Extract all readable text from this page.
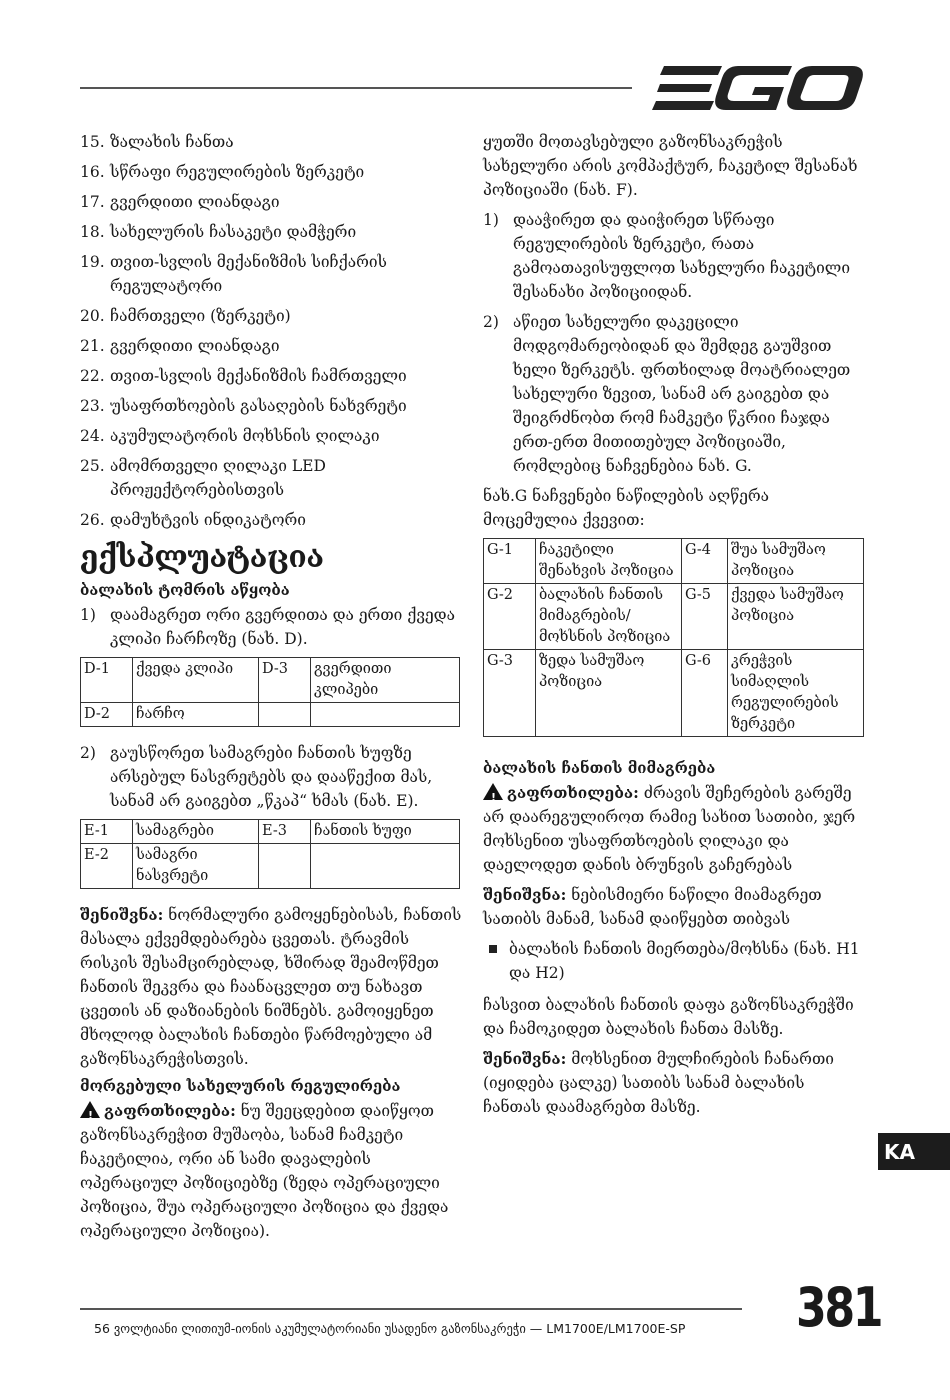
15. ზალახის ჩანთა
16. სწრაფი რეგულირების ზერკეტი
17. გვერდითი ლიანდაგი
18. სახელურის ჩასაკეტი დამჭერი
19. თვით-სვლის მექანიზმის სიჩქარის რეგულატორი
20. ჩამრთველი (ზერკეტი)
21. გვერდითი ლიანდაგი
22. თვით-სვლის მექანიზმის ჩამრთველი
23. უსაფრთხოების გასაღების ნახვრეტი
24. აკუმულატორის მოხსნის ღილაკი
25. ამომრთველი ღილაკი LED პროჟექტორებისთვის
26. დამუხტვის ინდიკატორი
ექსპლუატაცია
ბალახის ტომრის აწყობა
1) დაამაგრეთ ორი გვერდითა და ერთი ქვედა კლიპი ჩარჩოზე (ნახ. D).
D-1	ქვედა კლიპი	D-3	გვერდითი კლიპები
D-2	ჩარჩო		
2) გაუსწორეთ სამაგრები ჩანთის ხუფზე არსებულ ნასვრეტებს და დააწექით მას, სანამ არ გაიგებთ „წკაპ“ ხმას (ნახ. E).
E-1	სამაგრები	E-3	ჩანთის ხუფი
E-2	სამაგრი ნასვრეტი		

შენიშვნა: ნორმალური გამოყენებისას, ჩანთის მასალა ექვემდებარება ცვეთას. ტრავმის რისკის შესამცირებლად, ხშირად შეამოწმეთ ჩანთის შეკვრა და ჩაანაცვლეთ თუ ნახავთ ცვეთის ან დაზიანების ნიშნებს. გამოიყენეთ მხოლოდ ბალახის ჩანთები წარმოებული ამ გაზონსაკრეჭისთვის.

მორგებული სახელურის რეგულირება

!გაფრთხილება: ნუ შეეცდებით დაიწყოთ გაზონსაკრეჭით მუშაობა, სანამ ჩამკეტი ჩაკეტილია, ორი ან სამი დავალების ოპერაციულ პოზიციებზე (ზედა ოპერაციული პოზიცია, შუა ოპერაციული პოზიცია და ქვედა ოპერაციული პოზიცია).

ყუთში მოთავსებული გაზონსაკრეჭის სახელური არის კომპაქტურ, ჩაკეტილ შესანახ პოზიციაში (ნახ. F).

1) დააჭირეთ და დაიჭირეთ სწრაფი რეგულირების ზერკეტი, რათა გამოათავისუფლოთ სახელური ჩაკეტილი შესანახი პოზიციიდან.
2) აწიეთ სახელური დაკეცილი მოდგომარეობიდან და შემდეგ გაუშვით ხელი ზერკეტს. ფრთხილად მოატრიალეთ სახელური ზევით, სანამ არ გაიგებთ და შეიგრძნობთ რომ ჩამკეტი წკრიი ჩაჯდა ერთ-ერთ მითითებულ პოზიციაში, რომლებიც ნაჩვენებია ნახ. G.

ნახ.G ნაჩვენები ნაწილების აღწერა მოცემულია ქვევით:

G-1	ჩაკეტილი შენახვის პოზიცია	G-4	შუა სამუშაო პოზიცია
G-2	ბალახის ჩანთის მიმაგრების/ მოხსნის პოზიცია	G-5	ქვედა სამუშაო პოზიცია
G-3	ზედა სამუშაო პოზიცია	G-6	კრეჭვის სიმაღლის რეგულირების ზერკეტი
ბალახის ჩანთის მიმაგრება

!გაფრთხილება: ძრავის შეჩერების გარეშე არ დაარეგულიროთ რამიე სახით სათიბი, ჯერ მოხსენით უსაფრთხოების ღილაკი და დაელოდეთ დანის ბრუნვის გაჩერებას

შენიშვნა: ნებისმიერი ნაწილი მიამაგრეთ სათიბს მანამ, სანამ დაიწყებთ თიბვას

ბალახის ჩანთის მიერთება/მოხსნა (ნახ. H1 და H2)

ჩასვით ბალახის ჩანთის დაფა გაზონსაკრეჭში და ჩამოკიდეთ ბალახის ჩანთა მასზე.

შენიშვნა: მოხსენით მულჩირების ჩანართი (იყიდება ცალკე) სათიბს სანამ ბალახის ჩანთას დაამაგრებთ მასზე.

KA
56 ვოლტიანი ლითიუმ-იონის აკუმულატორიანი უსადენო გაზონსაკრეჭი — LM1700E/LM1700E-SP 381
